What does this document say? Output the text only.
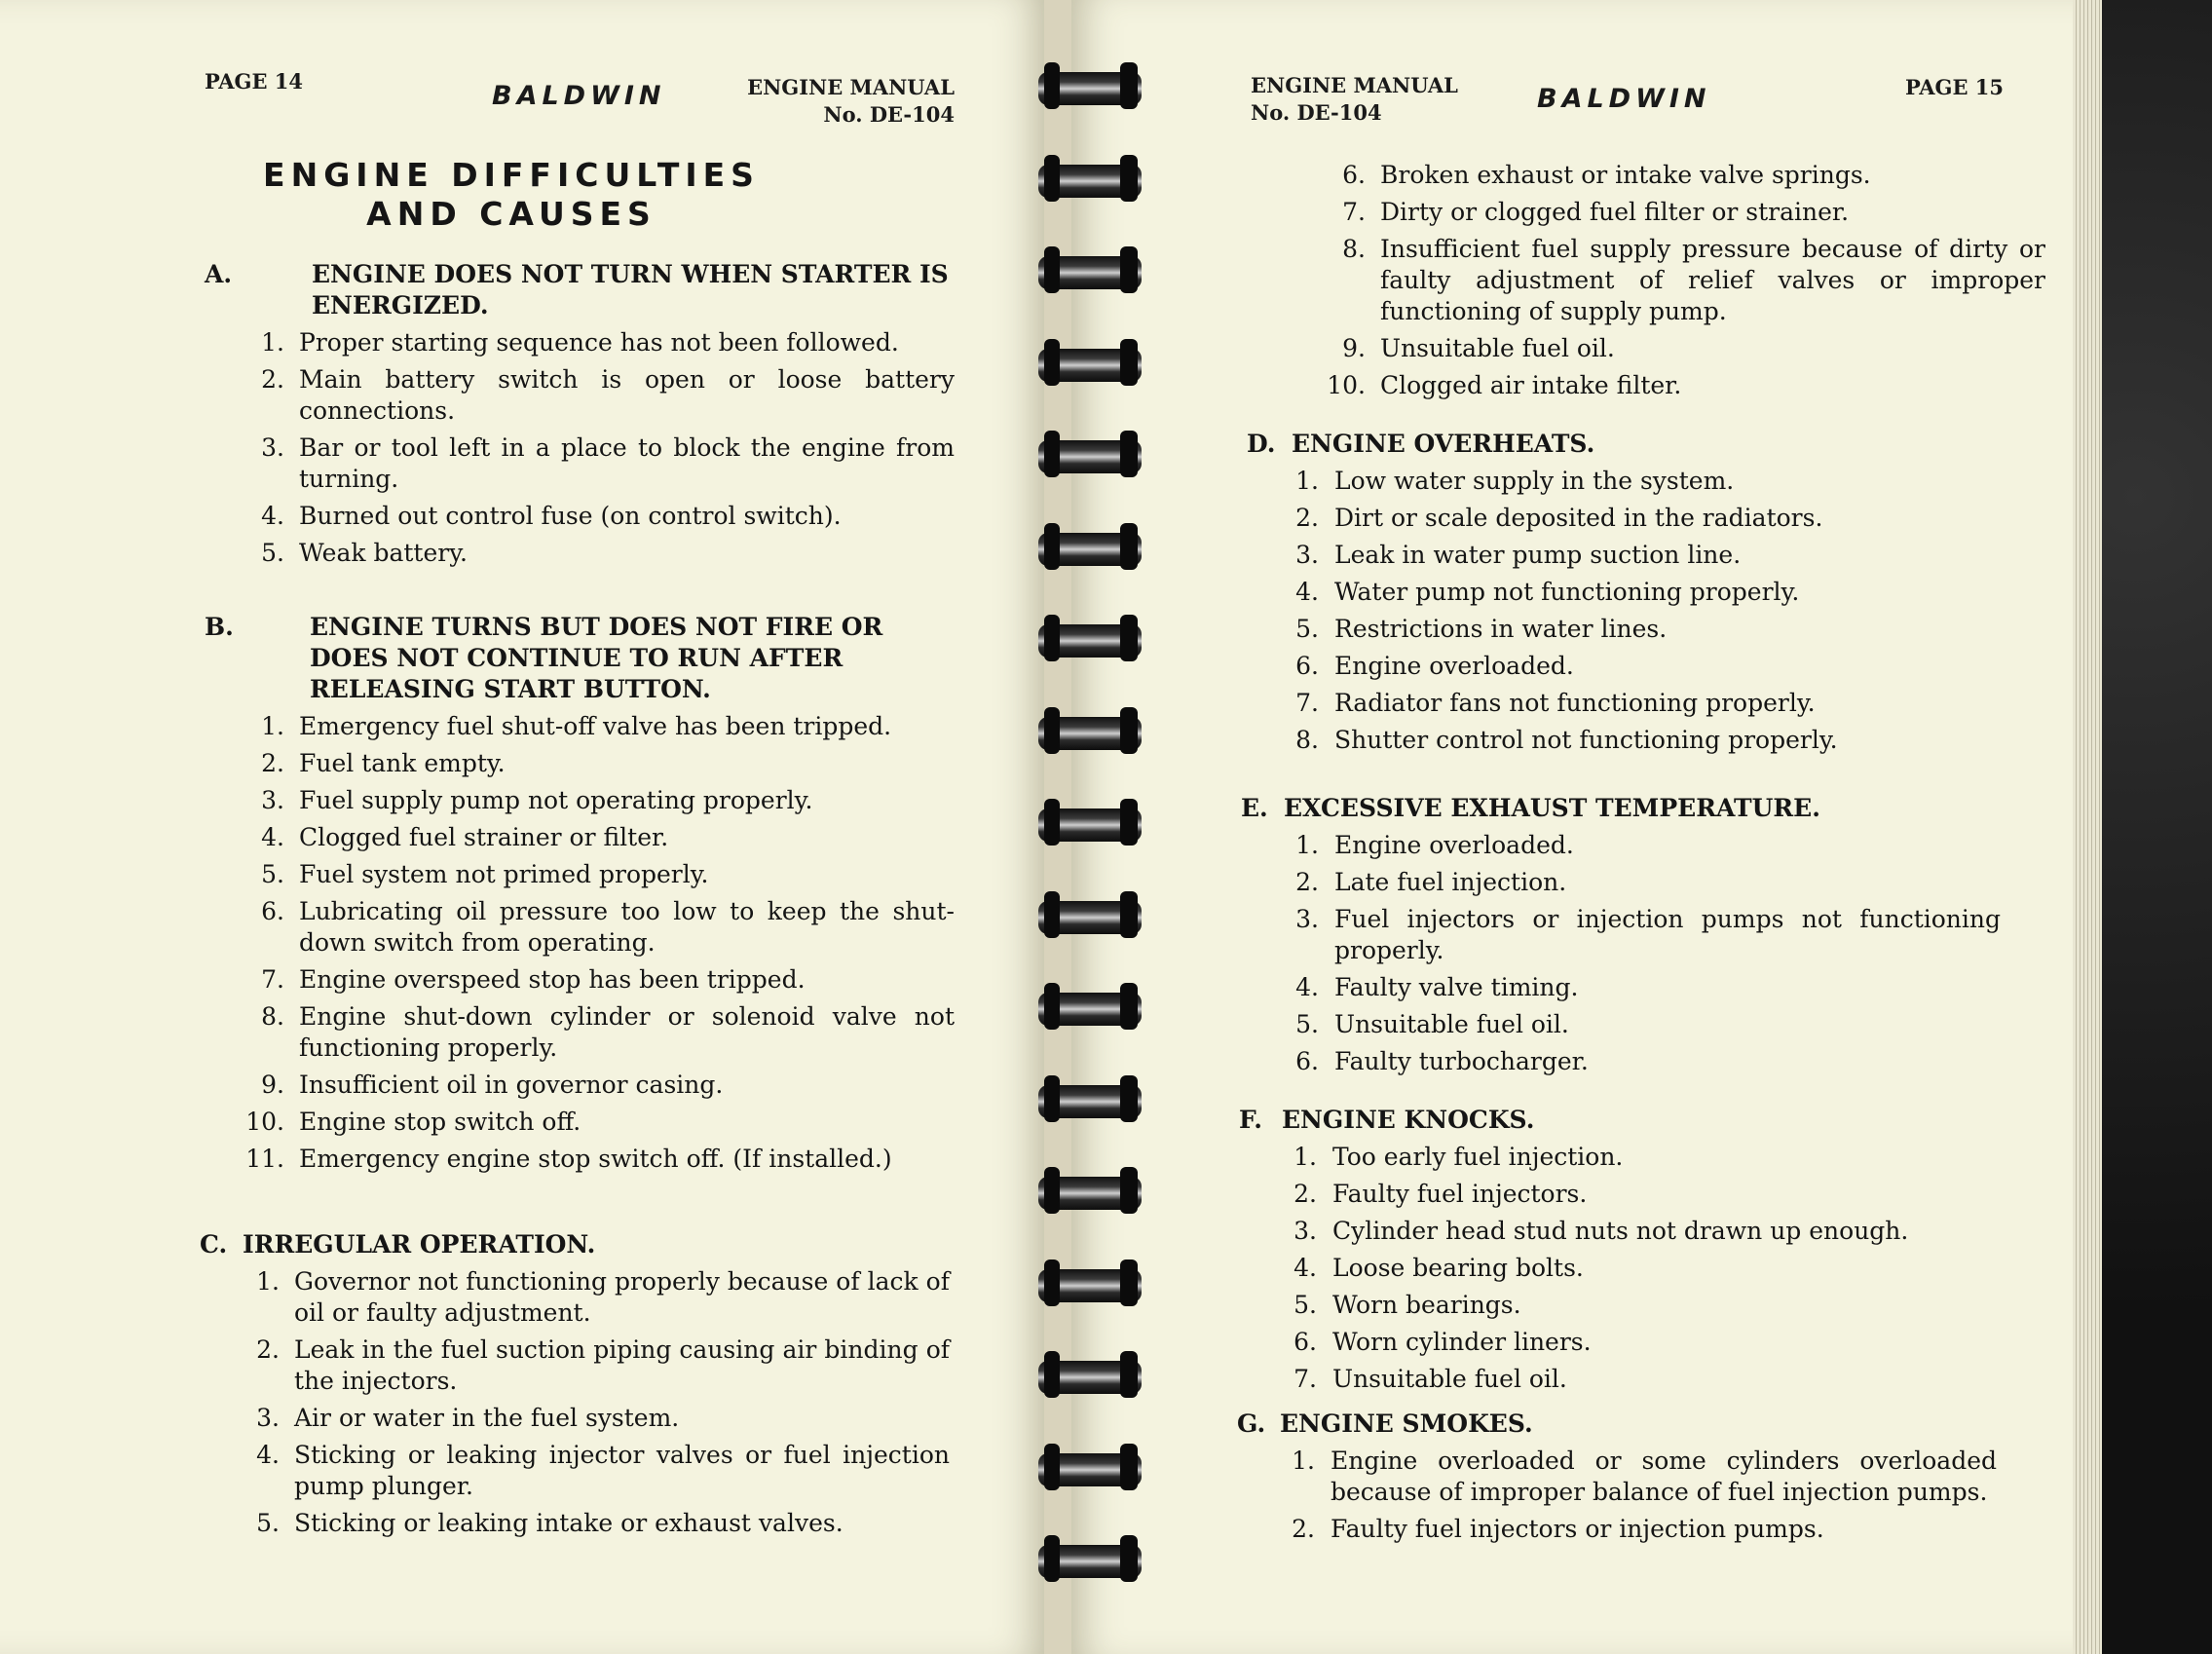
PAGE 14	BALDWIN	ENGINE MANUAL
No. DE-104
ENGINE DIFFICULTIES
AND CAUSES
A.	ENGINE DOES NOT TURN WHEN STARTER IS ENERGIZED.
1. Proper starting sequence has not been followed.
2. Main battery switch is open or loose battery connections.
3. Bar or tool left in a place to block the engine from turning.
4. Burned out control fuse (on control switch).
5. Weak battery.
B.	ENGINE TURNS BUT DOES NOT FIRE OR DOES NOT CONTINUE TO RUN AFTER RELEASING START BUTTON.
1. Emergency fuel shut-off valve has been tripped.
2. Fuel tank empty.
3. Fuel supply pump not operating properly.
4. Clogged fuel strainer or filter.
5. Fuel system not primed properly.
6. Lubricating oil pressure too low to keep the shut-down switch from operating.
7. Engine overspeed stop has been tripped.
8. Engine shut-down cylinder or solenoid valve not functioning properly.
9. Insufficient oil in governor casing.
10. Engine stop switch off.
11. Emergency engine stop switch off. (If installed.)
C. IRREGULAR OPERATION.
1. Governor not functioning properly because of lack of oil or faulty adjustment.
2. Leak in the fuel suction piping causing air binding of the injectors.
3. Air or water in the fuel system.
4. Sticking or leaking injector valves or fuel injection pump plunger.
5. Sticking or leaking intake or exhaust valves.
ENGINE MANUAL
No. DE-104	BALDWIN	PAGE 15
6. Broken exhaust or intake valve springs.
7. Dirty or clogged fuel filter or strainer.
8. Insufficient fuel supply pressure because of dirty or faulty adjustment of relief valves or improper functioning of supply pump.
9. Unsuitable fuel oil.
10. Clogged air intake filter.
D. ENGINE OVERHEATS.
1. Low water supply in the system.
2. Dirt or scale deposited in the radiators.
3. Leak in water pump suction line.
4. Water pump not functioning properly.
5. Restrictions in water lines.
6. Engine overloaded.
7. Radiator fans not functioning properly.
8. Shutter control not functioning properly.
E. EXCESSIVE EXHAUST TEMPERATURE.
1. Engine overloaded.
2. Late fuel injection.
3. Fuel injectors or injection pumps not functioning properly.
4. Faulty valve timing.
5. Unsuitable fuel oil.
6. Faulty turbocharger.
F. ENGINE KNOCKS.
1. Too early fuel injection.
2. Faulty fuel injectors.
3. Cylinder head stud nuts not drawn up enough.
4. Loose bearing bolts.
5. Worn bearings.
6. Worn cylinder liners.
7. Unsuitable fuel oil.
G. ENGINE SMOKES.
1. Engine overloaded or some cylinders overloaded because of improper balance of fuel injection pumps.
2. Faulty fuel injectors or injection pumps.
